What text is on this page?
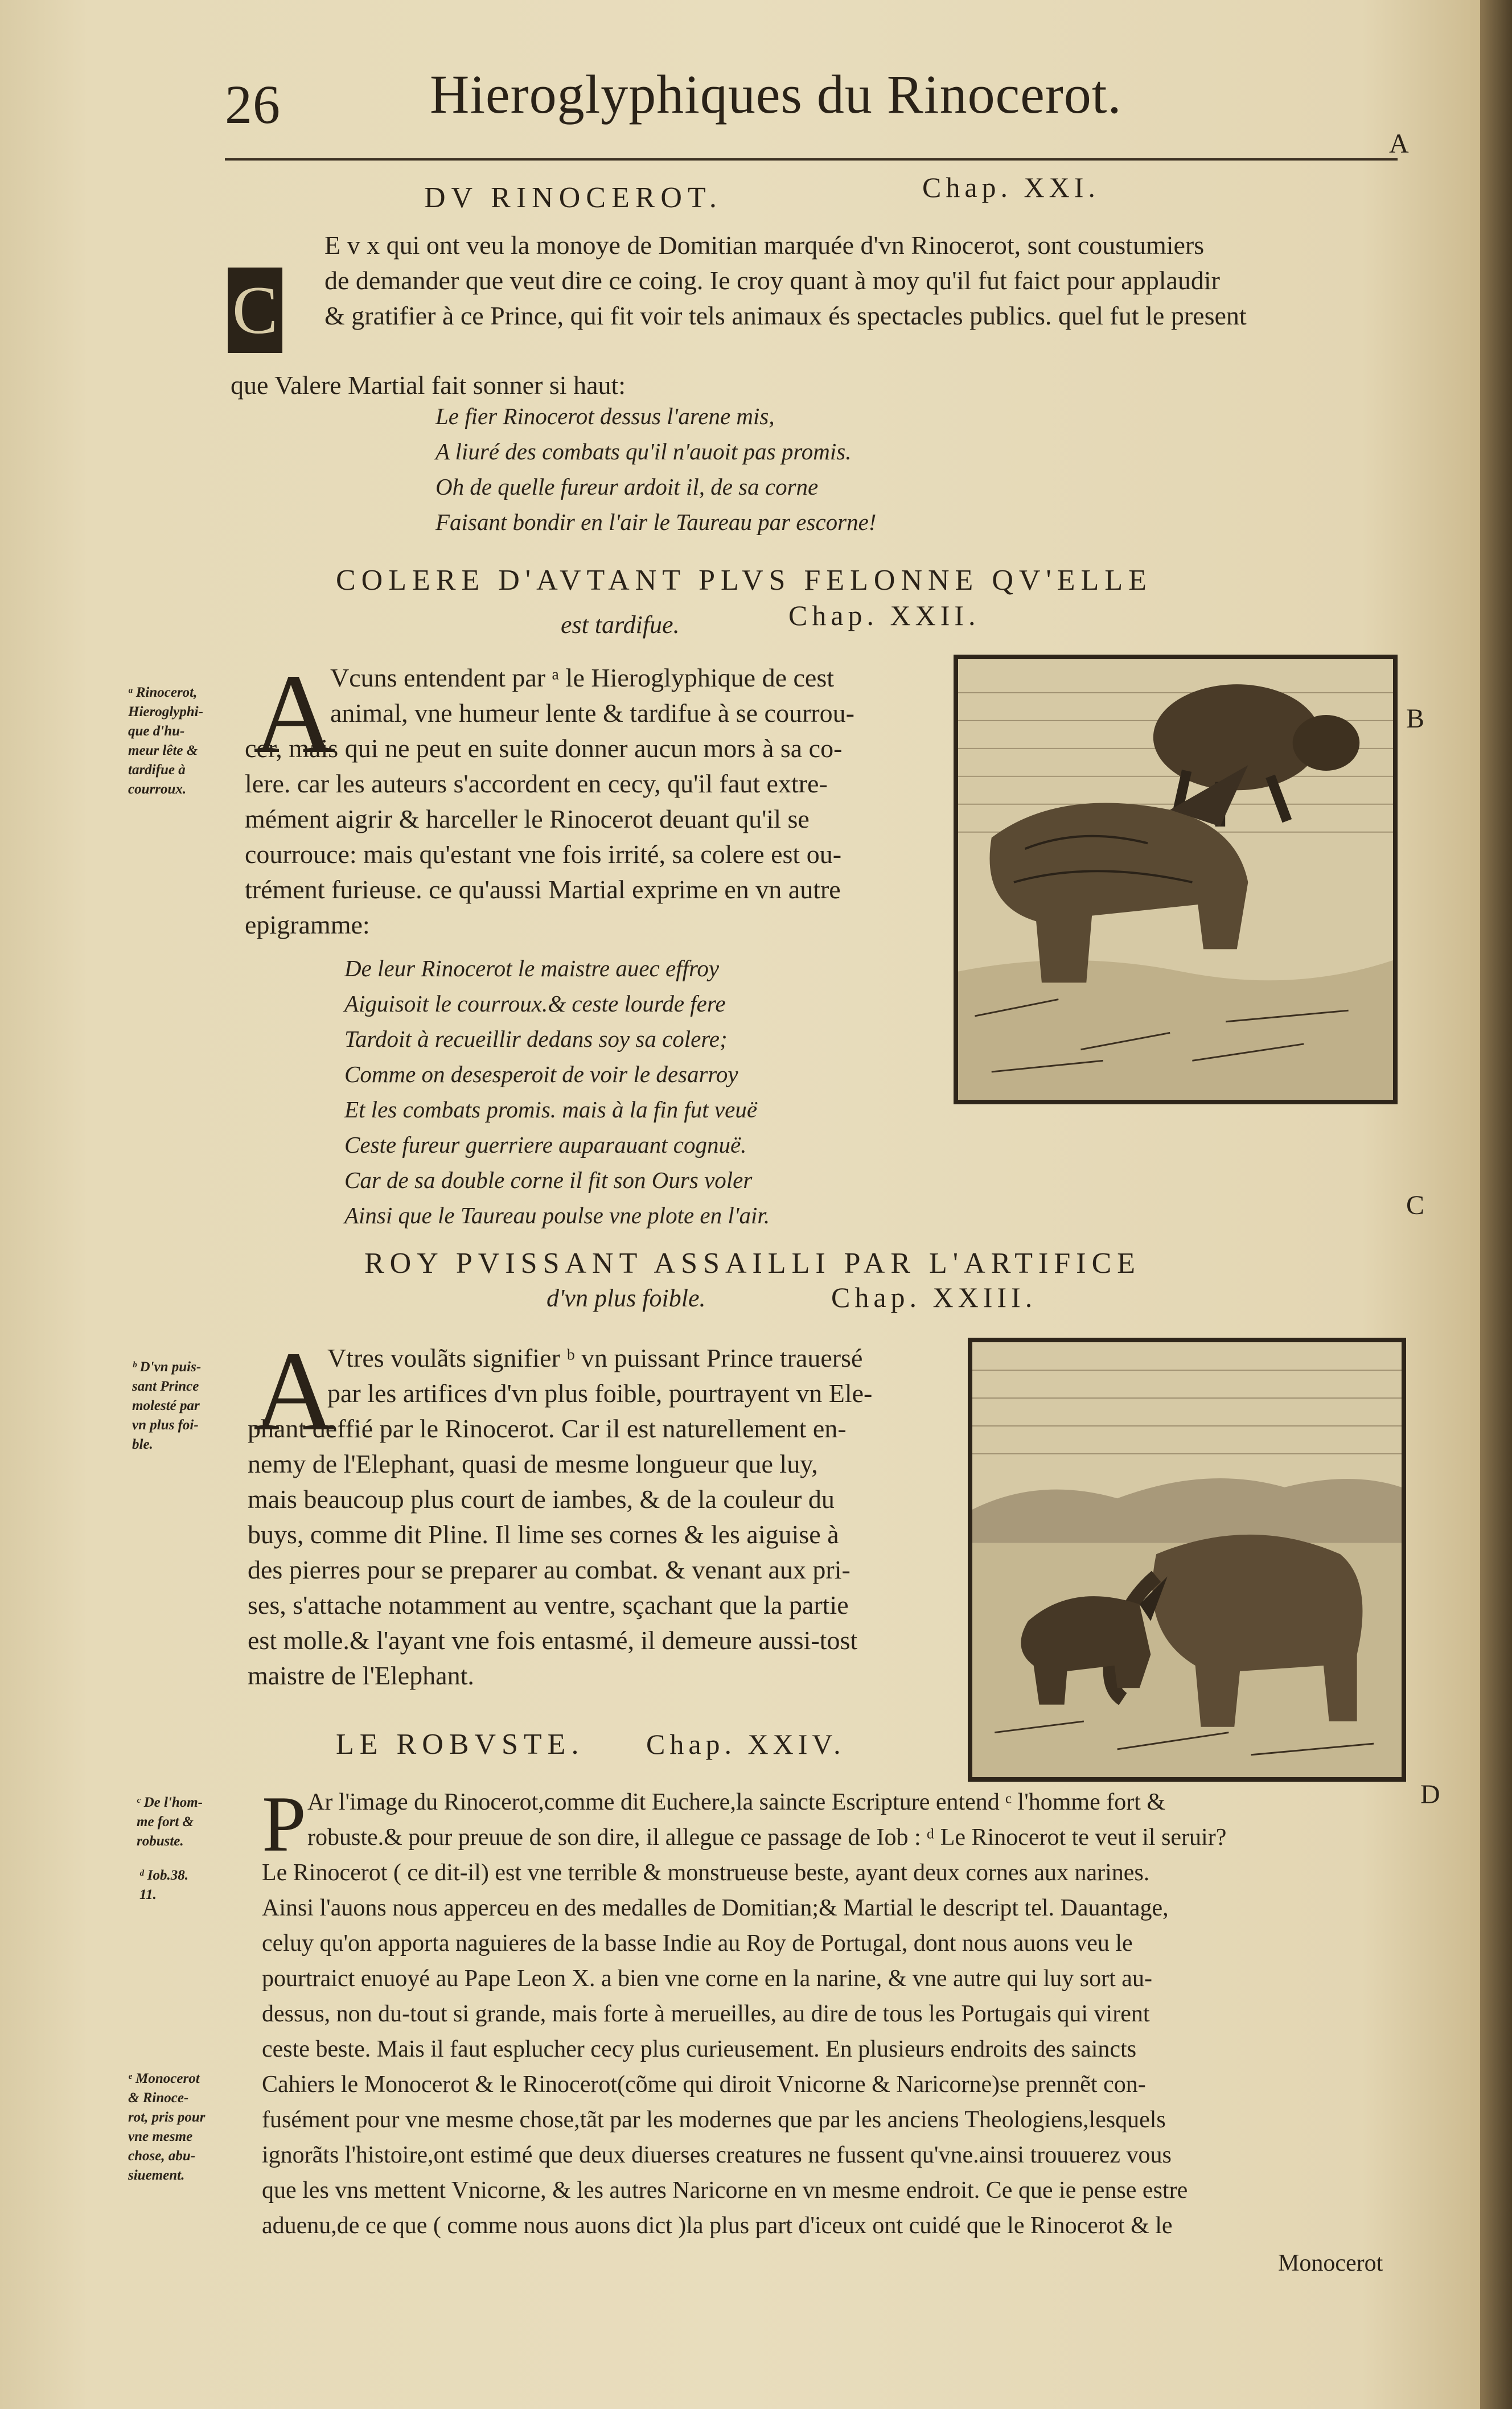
26	Hieroglyphiques du Rinocerot.
A
DV RINOCEROT.	Chap. XXI.
C
E v x qui ont veu la monoye de Domitian marquée d'vn Rinocerot, sont coustumiers
de demander que veut dire ce coing. Ie croy quant à moy qu'il fut faict pour applaudir
& gratifier à ce Prince, qui fit voir tels animaux és spectacles publics. quel fut le present
que Valere Martial fait sonner si haut:
Le fier Rinocerot dessus l'arene mis,
A liuré des combats qu'il n'auoit pas promis.
Oh de quelle fureur ardoit il, de sa corne
Faisant bondir en l'air le Taureau par escorne!
COLERE D'AVTANT PLVS FELONNE QV'ELLE
est tardifue.	Chap. XXII.
ᵃ Rinocerot,
Hieroglyphi-
que d'hu-
meur lête &
tardifue à
courroux.
A
Vcuns entendent par ᵃ le Hieroglyphique de cest
animal, vne humeur lente & tardifue à se courrou-
cer, mais qui ne peut en suite donner aucun mors à sa co-
lere. car les auteurs s'accordent en cecy, qu'il faut extre-
mément aigrir & harceller le Rinocerot deuant qu'il se
courrouce: mais qu'estant vne fois irrité, sa colere est ou-
trément furieuse. ce qu'aussi Martial exprime en vn autre
epigramme:
De leur Rinocerot le maistre auec effroy
Aiguisoit le courroux.& ceste lourde fere
Tardoit à recueillir dedans soy sa colere;
Comme on desesperoit de voir le desarroy
Et les combats promis. mais à la fin fut veuë
Ceste fureur guerriere auparauant cognuë.
Car de sa double corne il fit son Ours voler
Ainsi que le Taureau poulse vne plote en l'air.
B
C
ROY PVISSANT ASSAILLI PAR L'ARTIFICE
d'vn plus foible.	Chap. XXIII.
ᵇ D'vn puis-
sant Prince
molesté par
vn plus foi-
ble. A
Vtres voulãts signifier ᵇ vn puissant Prince trauersé
par les artifices d'vn plus foible, pourtrayent vn Ele-
phant deffié par le Rinocerot. Car il est naturellement en-
nemy de l'Elephant, quasi de mesme longueur que luy,
mais beaucoup plus court de iambes, & de la couleur du
buys, comme dit Pline. Il lime ses cornes & les aiguise à
des pierres pour se preparer au combat. & venant aux pri-
ses, s'attache notamment au ventre, sçachant que la partie
est molle.& l'ayant vne fois entasmé, il demeure aussi-tost
maistre de l'Elephant.
LE ROBVSTE. Chap. XXIV.
ᶜ De l'hom-
me fort &
robuste.
ᵈ Iob.38.
11.
ᵉ Monocerot
& Rinoce-
rot, pris pour
vne mesme
chose, abu-
siuement.
P	D
Ar l'image du Rinocerot,comme dit Euchere,la saincte Escripture entend ᶜ l'homme fort &
robuste.& pour preuue de son dire, il allegue ce passage de Iob : ᵈ Le Rinocerot te veut il seruir?
Le Rinocerot ( ce dit-il) est vne terrible & monstrueuse beste, ayant deux cornes aux narines.
Ainsi l'auons nous apperceu en des medalles de Domitian;& Martial le descript tel. Dauantage,
celuy qu'on apporta naguieres de la basse Indie au Roy de Portugal, dont nous auons veu le
pourtraict enuoyé au Pape Leon X. a bien vne corne en la narine, & vne autre qui luy sort au-
dessus, non du-tout si grande, mais forte à merueilles, au dire de tous les Portugais qui virent
ceste beste. Mais il faut esplucher cecy plus curieusement. En plusieurs endroits des saincts
Cahiers le Monocerot & le Rinocerot(cõme qui diroit Vnicorne & Naricorne)se prennẽt con-
fusément pour vne mesme chose,tãt par les modernes que par les anciens Theologiens,lesquels
ignorãts l'histoire,ont estimé que deux diuerses creatures ne fussent qu'vne.ainsi trouuerez vous
que les vns mettent Vnicorne, & les autres Naricorne en vn mesme endroit. Ce que ie pense estre
aduenu,de ce que ( comme nous auons dict )la plus part d'iceux ont cuidé que le Rinocerot & le
Monocerot
